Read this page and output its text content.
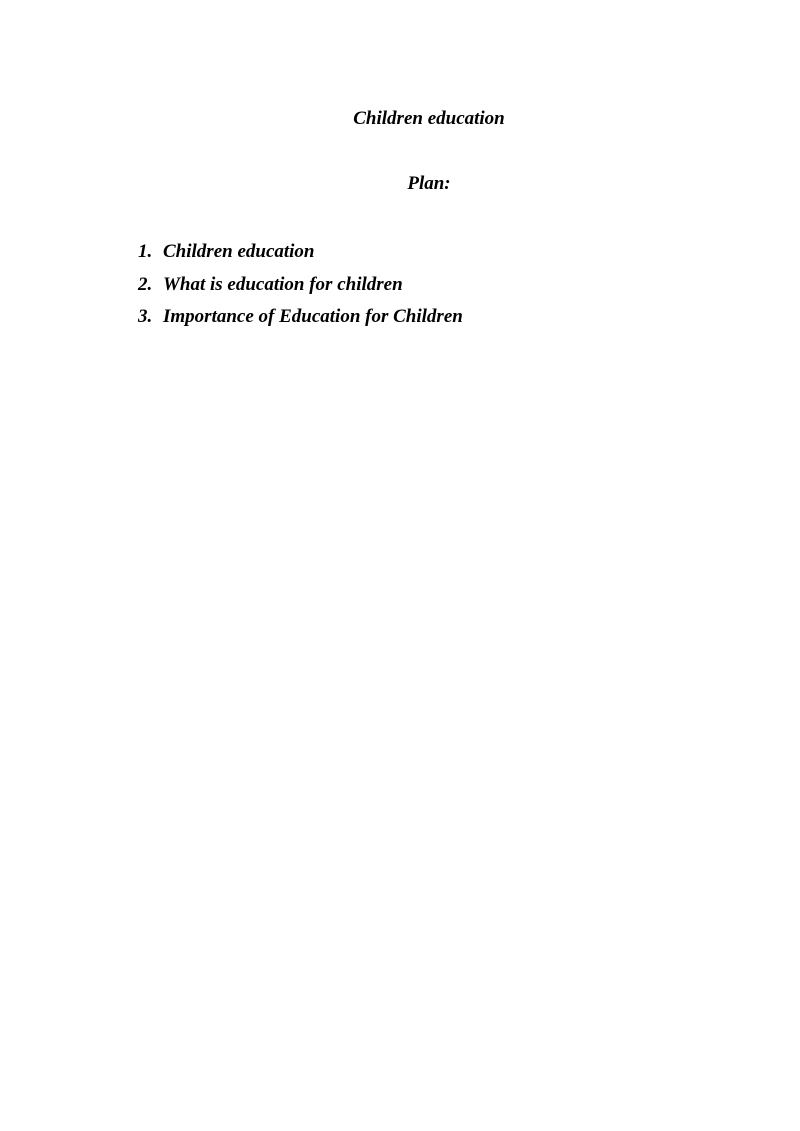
Children education
Plan:
1. Children education
2. What is education for children
3. Importance of Education for Children
